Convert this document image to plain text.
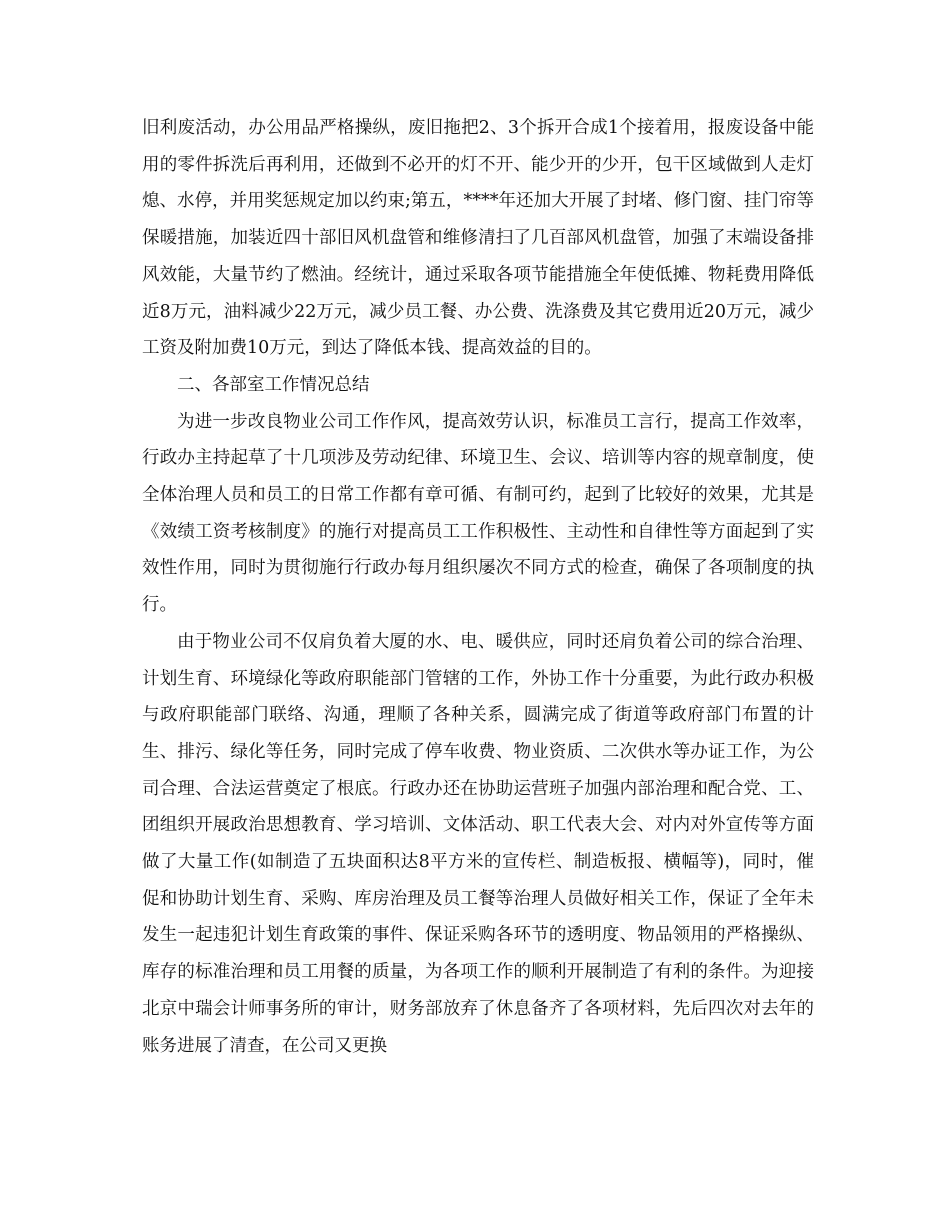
旧利废活动，办公用品严格操纵，废旧拖把2、3个拆开合成1个接着用，报废设备中能用的零件拆洗后再利用，还做到不必开的灯不开、能少开的少开，包干区域做到人走灯熄、水停，并用奖惩规定加以约束;第五，****年还加大开展了封堵、修门窗、挂门帘等保暖措施，加装近四十部旧风机盘管和维修清扫了几百部风机盘管，加强了末端设备排风效能，大量节约了燃油。经统计，通过采取各项节能措施全年使低摊、物耗费用降低近8万元，油料减少22万元，减少员工餐、办公费、洗涤费及其它费用近20万元，减少工资及附加费10万元，到达了降低本钱、提高效益的目的。

二、各部室工作情况总结

为进一步改良物业公司工作作风，提高效劳认识，标准员工言行，提高工作效率，行政办主持起草了十几项涉及劳动纪律、环境卫生、会议、培训等内容的规章制度，使全体治理人员和员工的日常工作都有章可循、有制可约，起到了比较好的效果，尤其是《效绩工资考核制度》的施行对提高员工工作积极性、主动性和自律性等方面起到了实效性作用，同时为贯彻施行行政办每月组织屡次不同方式的检查，确保了各项制度的执行。

由于物业公司不仅肩负着大厦的水、电、暖供应，同时还肩负着公司的综合治理、计划生育、环境绿化等政府职能部门管辖的工作，外协工作十分重要，为此行政办积极与政府职能部门联络、沟通，理顺了各种关系，圆满完成了街道等政府部门布置的计生、排污、绿化等任务，同时完成了停车收费、物业资质、二次供水等办证工作，为公司合理、合法运营奠定了根底。行政办还在协助运营班子加强内部治理和配合党、工、团组织开展政治思想教育、学习培训、文体活动、职工代表大会、对内对外宣传等方面做了大量工作(如制造了五块面积达8平方米的宣传栏、制造板报、横幅等)，同时，催促和协助计划生育、采购、库房治理及员工餐等治理人员做好相关工作，保证了全年未发生一起违犯计划生育政策的事件、保证采购各环节的透明度、物品领用的严格操纵、库存的标准治理和员工用餐的质量，为各项工作的顺利开展制造了有利的条件。为迎接北京中瑞会计师事务所的审计，财务部放弃了休息备齐了各项材料，先后四次对去年的账务进展了清查，在公司又更换
